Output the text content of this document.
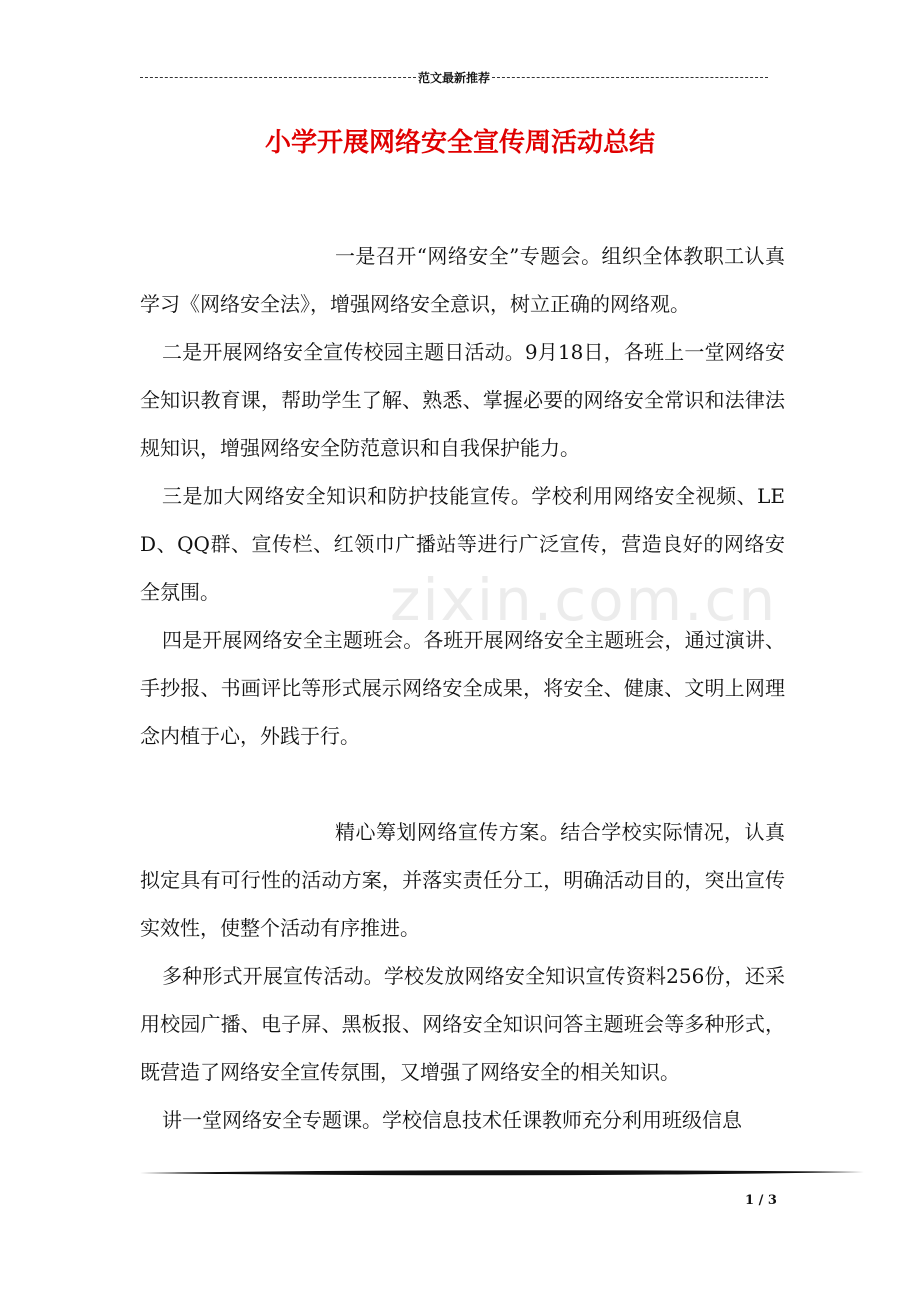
范文最新推荐
小学开展网络安全宣传周活动总结
zixin.com.cn

一是召开“网络安全”专题会。组织全体教职工认真学习《网络安全法》，增强网络安全意识，树立正确的网络观。

二是开展网络安全宣传校园主题日活动。9月18日，各班上一堂网络安全知识教育课，帮助学生了解、熟悉、掌握必要的网络安全常识和法律法规知识，增强网络安全防范意识和自我保护能力。

三是加大网络安全知识和防护技能宣传。学校利用网络安全视频、LED、QQ群、宣传栏、红领巾广播站等进行广泛宣传，营造良好的网络安全氛围。

四是开展网络安全主题班会。各班开展网络安全主题班会，通过演讲、手抄报、书画评比等形式展示网络安全成果，将安全、健康、文明上网理念内植于心，外践于行。

精心筹划网络宣传方案。结合学校实际情况，认真拟定具有可行性的活动方案，并落实责任分工，明确活动目的，突出宣传实效性，使整个活动有序推进。

多种形式开展宣传活动。学校发放网络安全知识宣传资料256份，还采用校园广播、电子屏、黑板报、网络安全知识问答主题班会等多种形式，既营造了网络安全宣传氛围，又增强了网络安全的相关知识。

讲一堂网络安全专题课。学校信息技术任课教师充分利用班级信息

1 / 3
